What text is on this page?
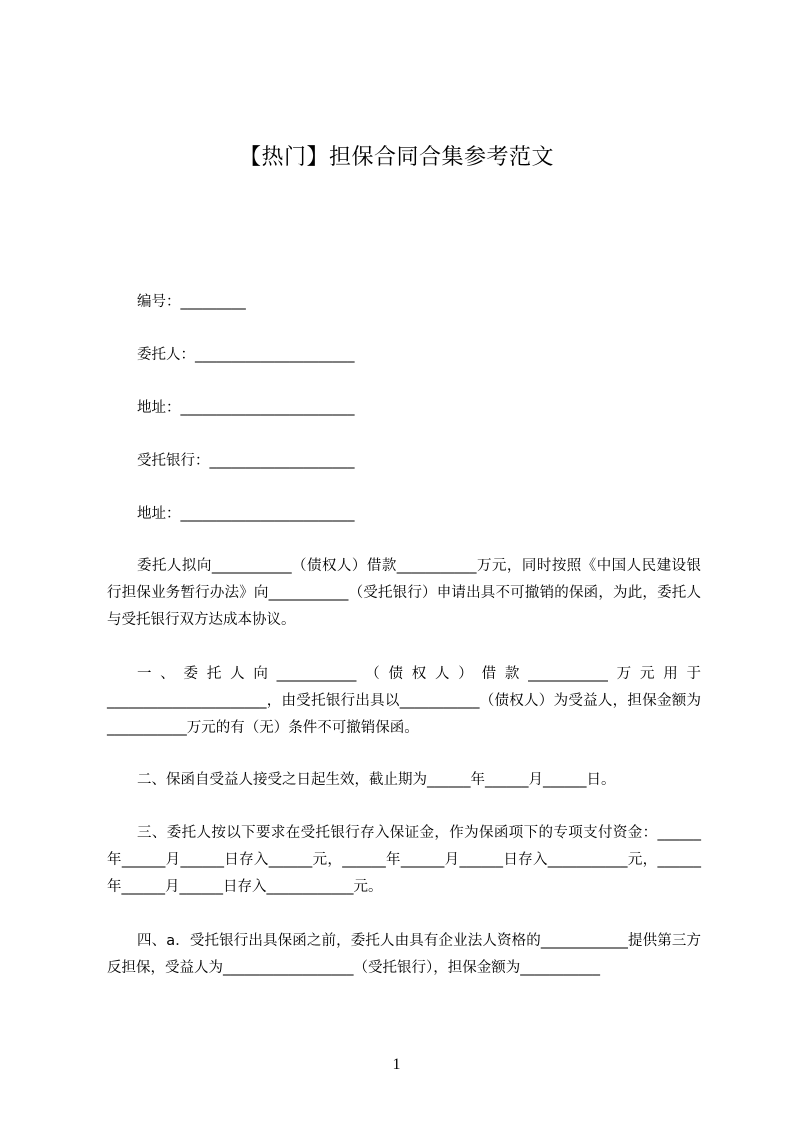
【热门】担保合同合集参考范文
编号：_________
委托人：______________________
地址：________________________
受托银行：____________________
地址：________________________
委托人拟向___________（债权人）借款___________万元，同时按照《中国人民建设银行担保业务暂行办法》向___________（受托银行）申请出具不可撤销的保函，为此，委托人与受托银行双方达成本协议。
一、委托人向___________（债权人）借款___________万元用于______________________，由受托银行出具以___________（债权人）为受益人，担保金额为___________万元的有（无）条件不可撤销保函。
二、保函自受益人接受之日起生效，截止期为______年______月______日。
三、委托人按以下要求在受托银行存入保证金，作为保函项下的专项支付资金：______年______月______日存入______元，______年______月______日存入___________元，______年______月______日存入____________元。
四、a．受托银行出具保函之前，委托人由具有企业法人资格的____________提供第三方反担保，受益人为__________________（受托银行），担保金额为___________
1
